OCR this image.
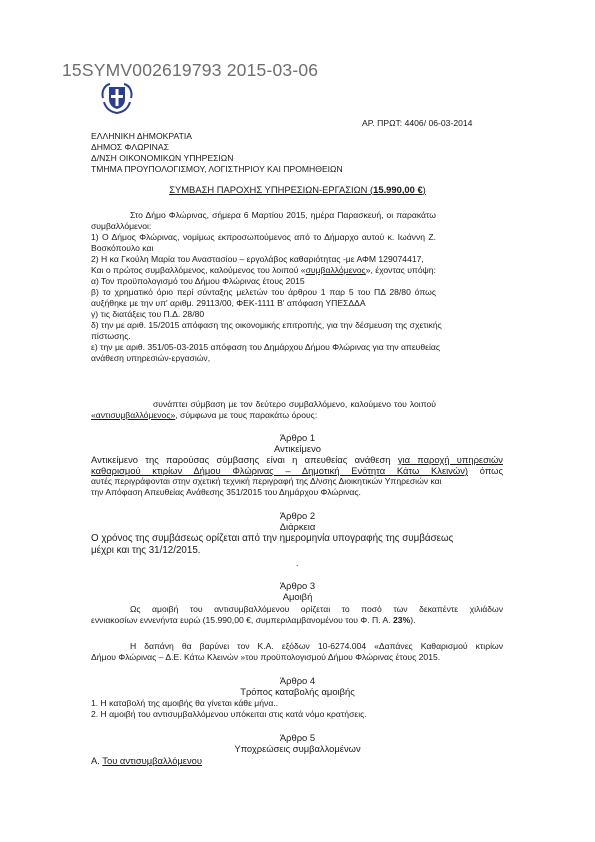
15SYMV002619793 2015-03-06
ΑΡ. ΠΡΩΤ: 4406/ 06-03-2014
ΕΛΛΗΝΙΚΗ ΔΗΜΟΚΡΑΤΙΑ
ΔΗΜΟΣ ΦΛΩΡΙΝΑΣ
Δ/ΝΣΗ ΟΙΚΟΝΟΜΙΚΩΝ ΥΠΗΡΕΣΙΩΝ
ΤΜΗΜΑ ΠΡΟΥΠΟΛΟΓΙΣΜΟΥ, ΛΟΓΙΣΤΗΡΙΟΥ ΚΑΙ ΠΡΟΜΗΘΕΙΩΝ
ΣΥΜΒΑΣΗ ΠΑΡΟΧΗΣ ΥΠΗΡΕΣΙΩΝ-ΕΡΓΑΣΙΩΝ (15.990,00 €)
Στο Δήμο Φλώρινας, σήμερα 6 Μαρτίου 2015, ημέρα Παρασκευή, οι παρακάτω
συμβαλλόμενοι:
1) Ο Δήμος Φλώρινας, νομίμως εκπροσωπούμενος από το Δήμαρχο αυτού κ. Ιωάννη Ζ.
Βοσκόπουλο και
2) Η κα Γκούλη Μαρία του Αναστασίου – εργολάβος καθαριότητας -με ΑΦΜ 129074417,
Και ο πρώτος συμβαλλόμενος, καλούμενος του λοιπού «συμβαλλόμενος», έχοντας υπόψη:
α) Τον προϋπολογισμό του Δήμου Φλώρινας έτους 2015
β) το χρηματικό όριο περί σύνταξης μελετών του άρθρου 1 παρ 5 του ΠΔ 28/80 όπως
αυξήθηκε με την υπ' αριθμ. 29113/00, ΦΕΚ-1111 Β' απόφαση ΥΠΕΣΔΔΑ
γ) τις διατάξεις του Π.Δ. 28/80
δ) την με αριθ. 15/2015 απόφαση της οικονομικής επιτροπής, για την δέσμευση της σχετικής
πίστωσης.
ε) την με αριθ. 351/05-03-2015 απόφαση του Δημάρχου Δήμου Φλώρινας για την απευθείας
ανάθεση υπηρεσιών-εργασιών,
συνάπτει σύμβαση με τον δεύτερο συμβαλλόμενο, καλούμενο του λοιπού
«αντισυμβαλλόμενος», σύμφωνα με τους παρακάτω όρους:
Άρθρο 1
Αντικείμενο
Αντικείμενο της παρούσας σύμβασης είναι η απευθείας ανάθεση για παροχή υπηρεσιών
καθαρισμού κτιρίων Δήμου Φλώρινας – Δημοτική Ενότητα Κάτω Κλεινών) όπως
αυτές περιγράφονται στην σχετική τεχνική περιγραφή της Δ/νσης Διοικητικών Υπηρεσιών και
την Απόφαση Απευθείας Ανάθεσης 351/2015 του Δημάρχου Φλώρινας.
Άρθρο 2
Διάρκεια
Ο χρόνος της συμβάσεως ορίζεται από την ημερομηνία υπογραφής της συμβάσεως
μέχρι και της 31/12/2015.
.
Άρθρο 3
Αμοιβή
Ως αμοιβή του αντισυμβαλλόμενου ορίζεται το ποσό των δεκαπέντε χιλιάδων
εννιακοσίων εννενήντα ευρώ (15.990,00 €, συμπεριλαμβανομένου του Φ. Π. Α. 23%).
Η δαπάνη θα βαρύνει τον Κ.Α. εξόδων 10-6274.004 «Δαπάνες Καθαρισμού κτιρίων
Δήμου Φλώρινας – Δ.Ε. Κάτω Κλεινών »του προϋπολογισμού Δήμου Φλώρινας έτους 2015.
Άρθρο 4
Τρόπος καταβολής αμοιβής
1. Η καταβολή της αμοιβής θα γίνεται κάθε μήνα..
2. Η αμοιβή του αντισυμβαλλόμενου υπόκειται στις κατά νόμο κρατήσεις.
Άρθρο 5
Υποχρεώσεις συμβαλλομένων
Α. Του αντισυμβαλλόμενου
